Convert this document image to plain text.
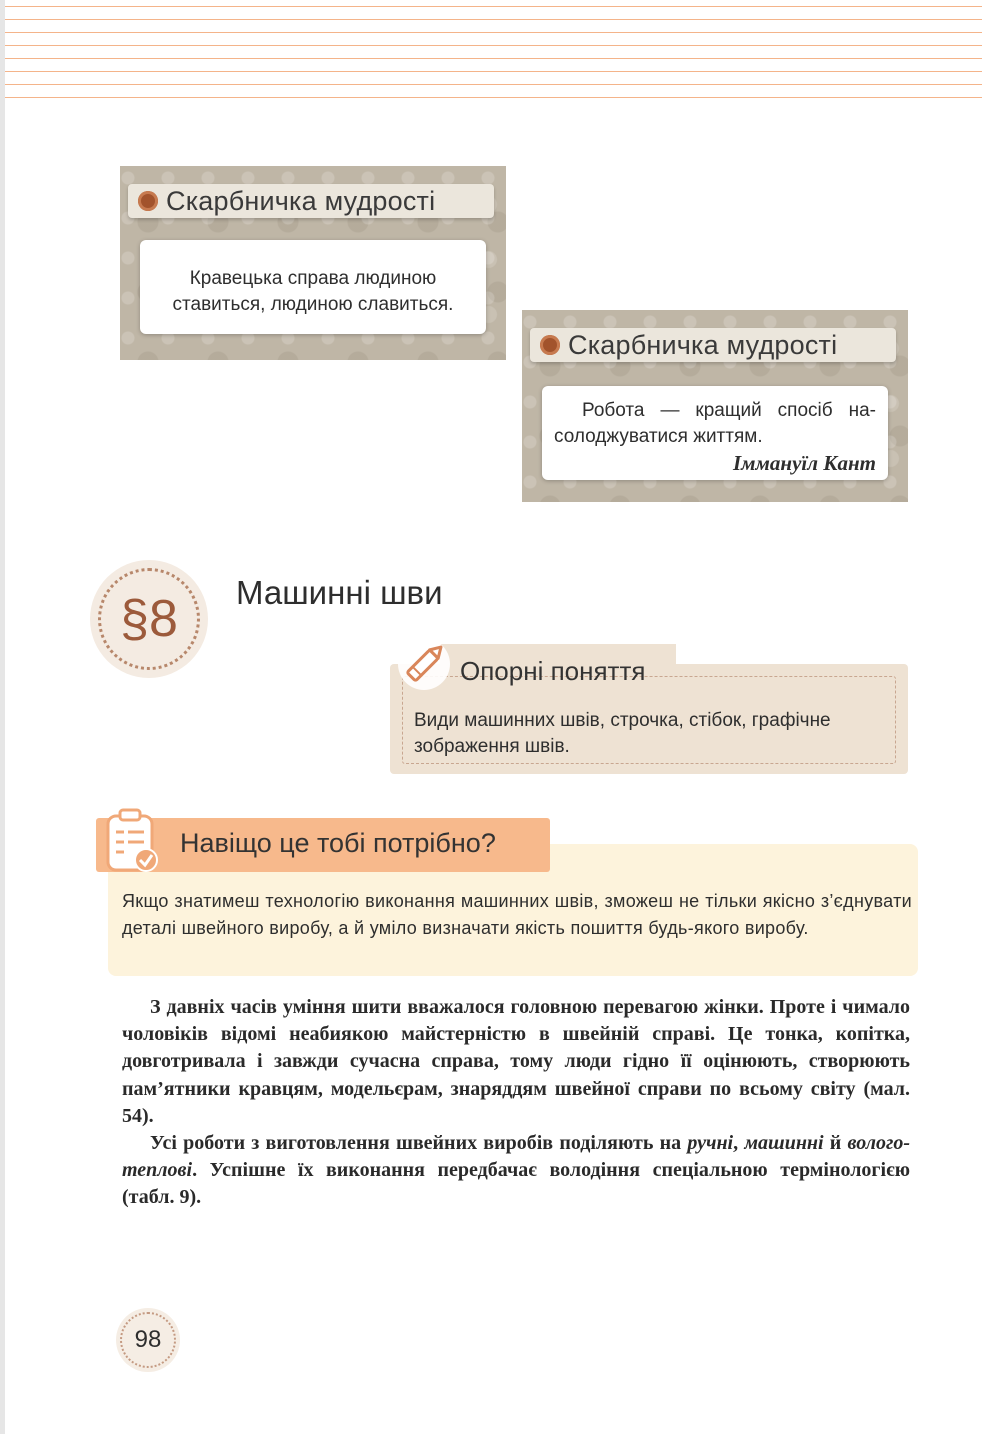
Скарбничка мудрості
Кравецька справа людиною
ставиться, людиною славиться.
Скарбничка мудрості
Робота — кращий спосіб на-
солоджуватися життям.
Іммануїл Кант
§8 Машинні шви
Опорні поняття
Види машинних швів, строчка, стібок, графічне зображення швів.
Навіщо це тобі потрібно?
Якщо знатимеш технологію виконання машинних швів, зможеш не тільки якісно з’єднувати деталі швейного виробу, а й уміло визначати якість пошиття будь-якого виробу.

З давніх часів уміння шити вважалося головною перевагою жінки. Проте і чимало чоловіків відомі неабиякою майстерністю в швейній справі. Це тонка, копітка, довготривала і завжди сучасна справа, тому люди гідно її оцінюють, створюють пам’ятники кравцям, модельєрам, знаряддям швейної справи по всьому світу (мал. 54).

Усі роботи з виготовлення швейних виробів поділяють на ручні, машинні й волого-теплові. Успішне їх виконання передбачає володіння спеціальною термінологією (табл. 9).

98
